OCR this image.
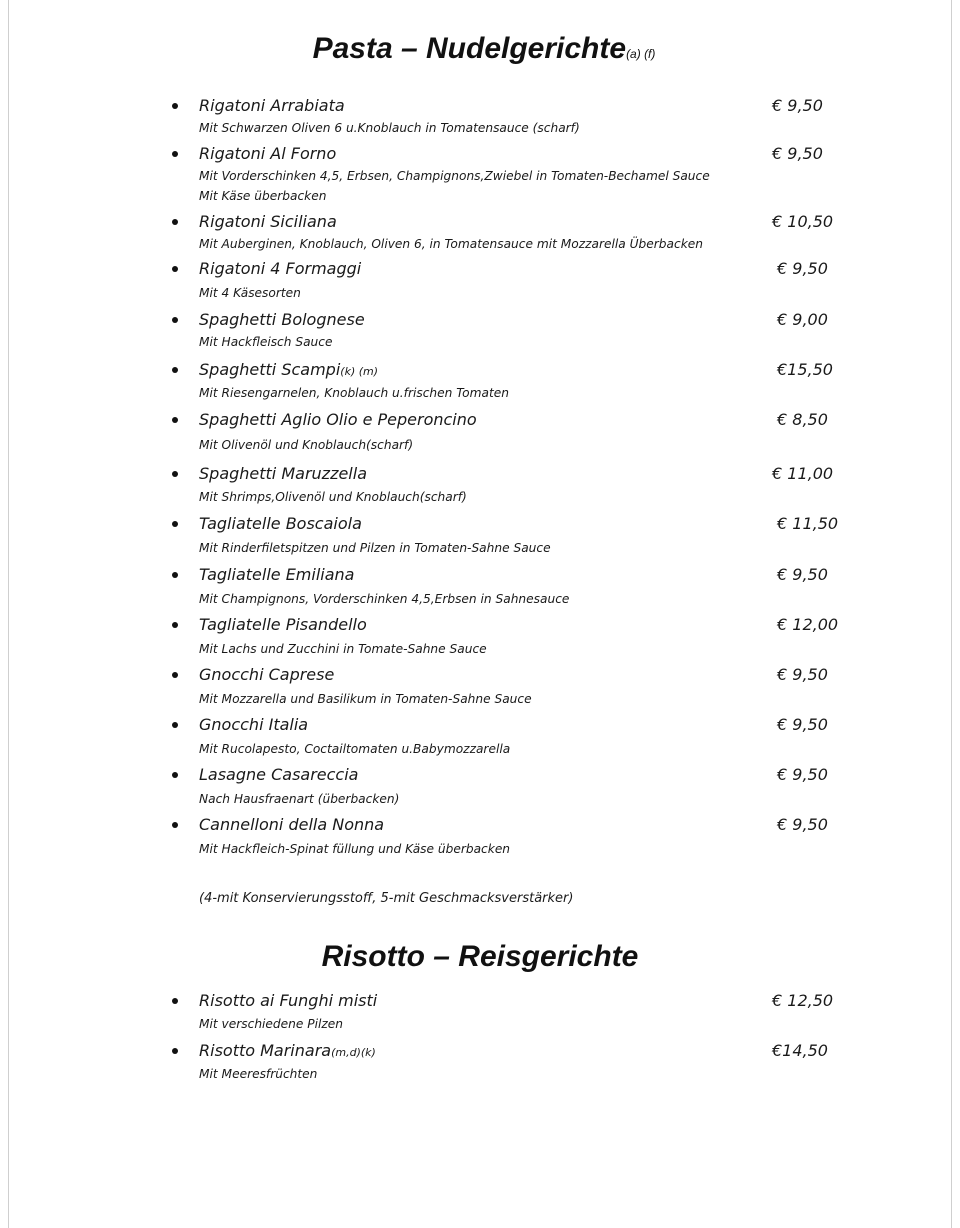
Pasta – Nudelgerichte(a) (f)
Rigatoni Arrabiata	€ 9,50
Mit Schwarzen Oliven 6 u.Knoblauch in Tomatensauce (scharf)
Rigatoni Al Forno	€ 9,50
Mit Vorderschinken 4,5, Erbsen, Champignons,Zwiebel in Tomaten-Bechamel Sauce
Mit Käse überbacken
Rigatoni Siciliana	€ 10,50
Mit Auberginen, Knoblauch, Oliven 6, in Tomatensauce mit Mozzarella Überbacken
Rigatoni 4 Formaggi	€ 9,50
Mit 4 Käsesorten
Spaghetti Bolognese	€ 9,00
Mit Hackfleisch Sauce
Spaghetti Scampi(k) (m)	€15,50
Mit Riesengarnelen, Knoblauch u.frischen Tomaten
Spaghetti Aglio Olio e Peperoncino	€ 8,50
Mit Olivenöl und Knoblauch(scharf)
Spaghetti Maruzzella	€ 11,00
Mit Shrimps,Olivenöl und Knoblauch(scharf)
Tagliatelle Boscaiola	€ 11,50
Mit Rinderfiletspitzen und Pilzen in Tomaten-Sahne Sauce
Tagliatelle Emiliana	€ 9,50
Mit Champignons, Vorderschinken 4,5,Erbsen in Sahnesauce
Tagliatelle Pisandello	€ 12,00
Mit Lachs und Zucchini in Tomate-Sahne Sauce
Gnocchi Caprese	€ 9,50
Mit Mozzarella und Basilikum in Tomaten-Sahne Sauce
Gnocchi Italia	€ 9,50
Mit Rucolapesto, Coctailtomaten u.Babymozzarella
Lasagne Casareccia	€ 9,50
Nach Hausfraenart (überbacken)
Cannelloni della Nonna	€ 9,50
Mit Hackfleich-Spinat füllung und Käse überbacken
(4-mit Konservierungsstoff, 5-mit Geschmacksverstärker)
Risotto – Reisgerichte
Risotto ai Funghi misti	€ 12,50
Mit verschiedene Pilzen
Risotto Marinara(m,d)(k)	€14,50
Mit Meeresfrüchten
